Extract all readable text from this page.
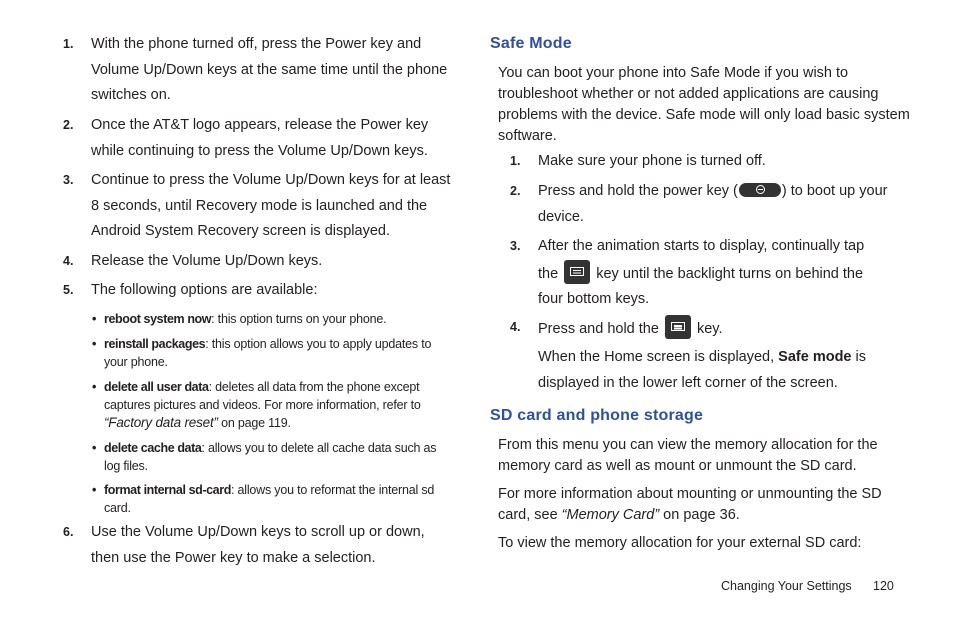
1. With the phone turned off, press the Power key and Volume Up/Down keys at the same time until the phone switches on.
2. Once the AT&T logo appears, release the Power key while continuing to press the Volume Up/Down keys.
3. Continue to press the Volume Up/Down keys for at least 8 seconds, until Recovery mode is launched and the Android System Recovery screen is displayed.
4. Release the Volume Up/Down keys.
5. The following options are available:
• reboot system now: this option turns on your phone.
• reinstall packages: this option allows you to apply updates to your phone.
• delete all user data: deletes all data from the phone except captures pictures and videos. For more information, refer to “Factory data reset” on page 119.
• delete cache data: allows you to delete all cache data such as log files.
• format internal sd-card: allows you to reformat the internal sd card.
6. Use the Volume Up/Down keys to scroll up or down, then use the Power key to make a selection.
Safe Mode
You can boot your phone into Safe Mode if you wish to troubleshoot whether or not added applications are causing problems with the device. Safe mode will only load basic system software.
1. Make sure your phone is turned off.
2. Press and hold the power key (	) to boot up your device.
3. After the animation starts to display, continually tap the  key until the backlight turns on behind the four bottom keys.
4. Press and hold the  key.
When the Home screen is displayed, Safe mode is displayed in the lower left corner of the screen.
SD card and phone storage
From this menu you can view the memory allocation for the memory card as well as mount or unmount the SD card.
For more information about mounting or unmounting the SD card, see “Memory Card” on page 36.
To view the memory allocation for your external SD card:
Changing Your Settings 120
